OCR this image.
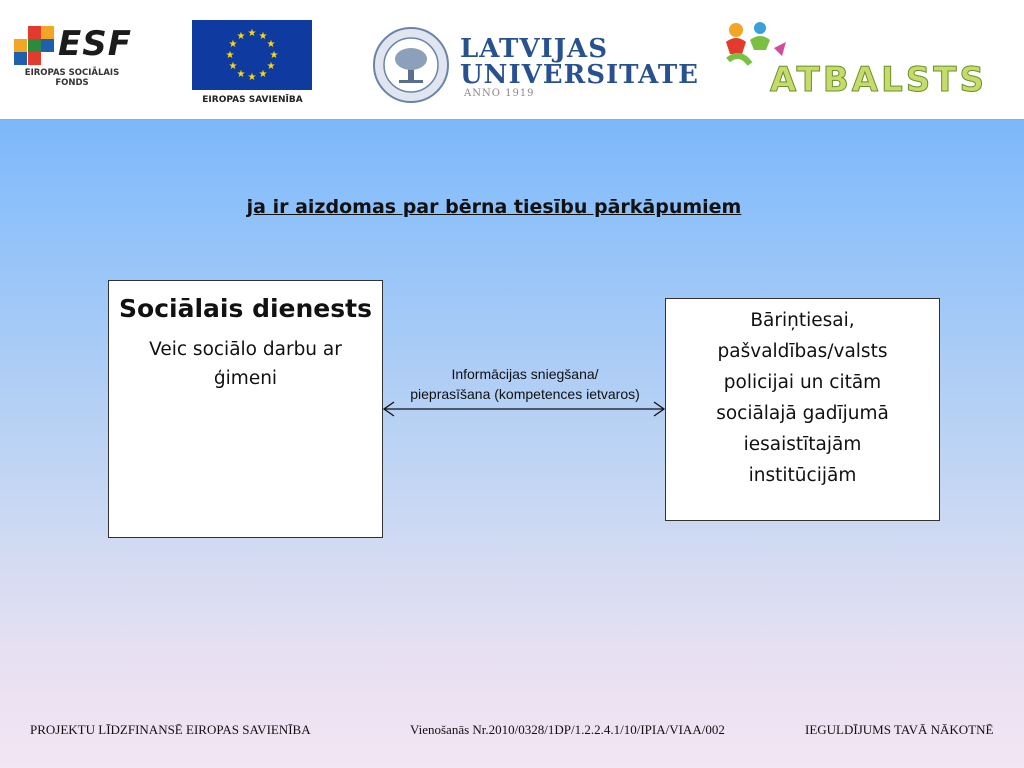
ESF
EIROPAS SOCIĀLAIS
FONDS
★ ★
★
★
★
★
★
★
★
★
★
★
EIROPAS SAVIENĪBA
LATVIJAS
UNIVERSITATE
ANNO 1919	ATBALSTS
ja ir aizdomas par bērna tiesību pārkāpumiem
Sociālais dienests
Veic sociālo darbu ar ģimeni	Informācijas sniegšana/
pieprasīšana (kompetences ietvaros)
Bāriņtiesai,
pašvaldības/valsts
policijai un citām
sociālajā gadījumā
iesaistītajām
institūcijām
PROJEKTU LĪDZFINANSĒ EIROPAS SAVIENĪBA	Vienošanās Nr.2010/0328/1DP/1.2.2.4.1/10/IPIA/VIAA/002	IEGULDĪJUMS TAVĀ NĀKOTNĒ
